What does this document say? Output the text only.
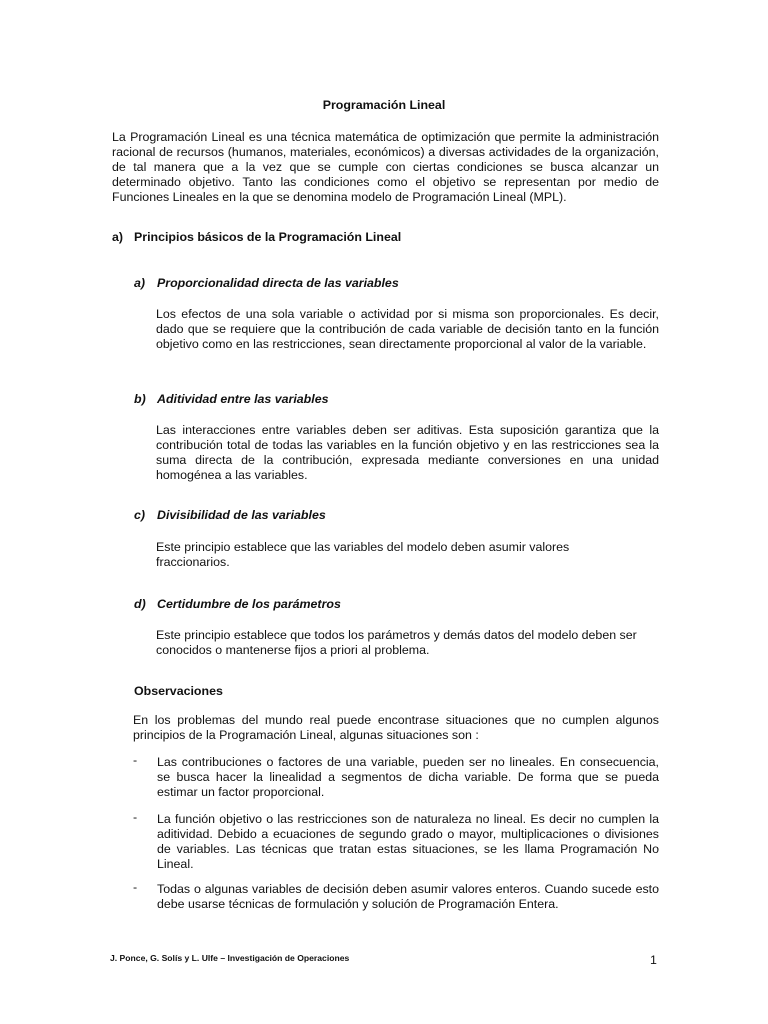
Programación Lineal
La Programación Lineal es una técnica matemática de optimización que permite la administración racional de recursos (humanos, materiales, económicos) a diversas actividades de la organización, de tal manera que a la vez que se cumple con ciertas condiciones se busca alcanzar un determinado objetivo. Tanto las condiciones como el objetivo se representan por medio de Funciones Lineales en la que se denomina modelo de Programación Lineal (MPL).
a) Principios básicos de la Programación Lineal
a) Proporcionalidad directa de las variables
Los efectos de una sola variable o actividad por si misma son proporcionales. Es decir, dado que se requiere que la contribución de cada variable de decisión tanto en la función objetivo como en las restricciones, sean directamente proporcional al valor de la variable.
b) Aditividad entre las variables
Las interacciones entre variables deben ser aditivas. Esta suposición garantiza que la contribución total de todas las variables en la función objetivo y en las restricciones sea la suma directa de la contribución, expresada mediante conversiones en una unidad homogénea a las variables.
c) Divisibilidad de las variables
Este principio establece que las variables del modelo deben asumir valores fraccionarios.
d) Certidumbre de los parámetros
Este principio establece que todos los parámetros y demás datos del modelo deben ser conocidos o mantenerse fijos a priori al problema.
Observaciones
En los problemas del mundo real puede encontrase situaciones que no cumplen algunos principios de la Programación Lineal, algunas situaciones son :
- Las contribuciones o factores de una variable, pueden ser no lineales. En consecuencia, se busca hacer la linealidad a segmentos de dicha variable. De forma que se pueda estimar un factor proporcional.
- La función objetivo o las restricciones son de naturaleza no lineal. Es decir no cumplen la aditividad. Debido a ecuaciones de segundo grado o mayor, multiplicaciones o divisiones de variables. Las técnicas que tratan estas situaciones, se les llama Programación No Lineal.
- Todas o algunas variables de decisión deben asumir valores enteros. Cuando sucede esto debe usarse técnicas de formulación y solución de Programación Entera.
J. Ponce, G. Solís y L. Ulfe – Investigación de Operaciones	1
